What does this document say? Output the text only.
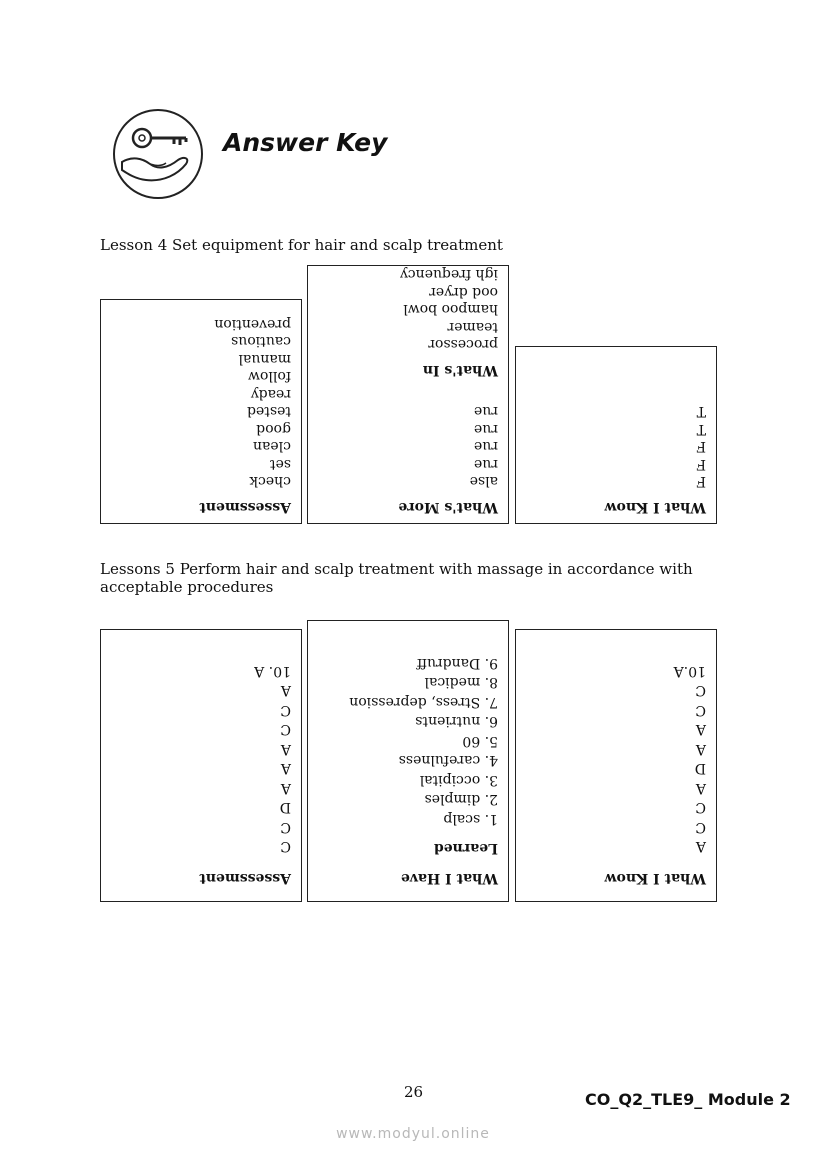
Answer Key
Lesson 4 Set equipment for hair and scalp treatment
Assessment
check
set
clean
good
tested
ready
follow
manual
cautious
prevention
What's More
alse
rue
rue
rue
rue
What's In
processor
teamer
hampoo bowl
ood dryer
igh frequency
What I Know
F
F
F
T
T
Lessons 5 Perform hair and scalp treatment with massage in accordance with
acceptable procedures
Assessment
C
C
D
A
A
A
C
C
A
10. A
What I Have
Learned
1. scalp
2. dimples
3. occipital
4. carefulness
5. 60
6. nutrients
7. Stress, depression
8. medical
9. Dandruff
What I Know
A
C
C
A
D
A
A
C
C
10.A
26	CO_Q2_TLE9_ Module 2
www.modyul.online
